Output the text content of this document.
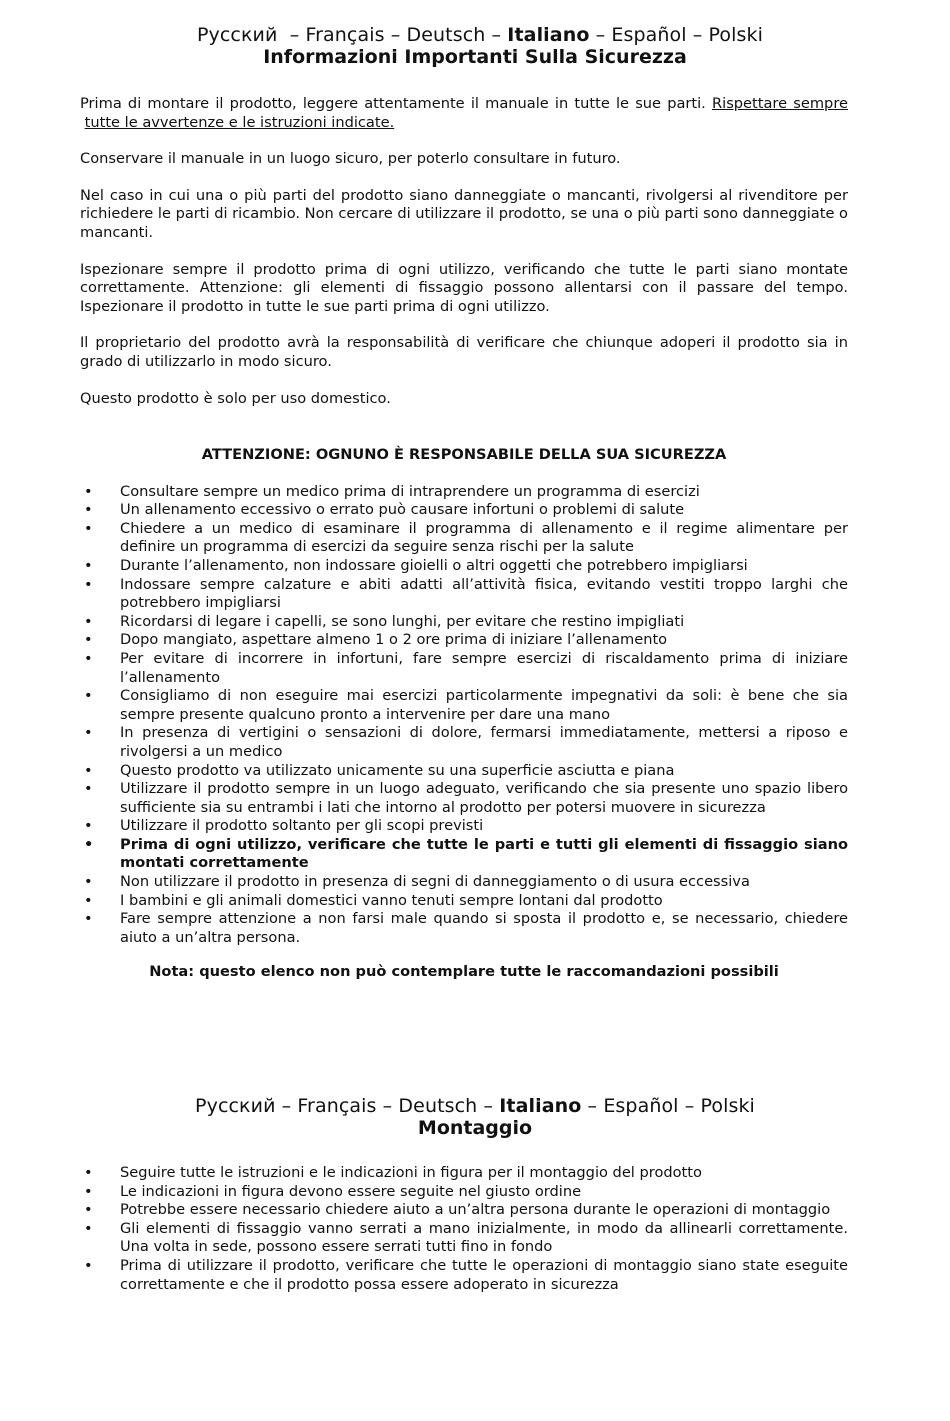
Русский  – Français – Deutsch – Italiano – Español – Polski
Informazioni Importanti Sulla Sicurezza

Prima di montare il prodotto, leggere attentamente il manuale in tutte le sue parti. Rispettare sempre tutte le avvertenze e le istruzioni indicate.

Conservare il manuale in un luogo sicuro, per poterlo consultare in futuro.

Nel caso in cui una o più parti del prodotto siano danneggiate o mancanti, rivolgersi al rivenditore per richiedere le parti di ricambio. Non cercare di utilizzare il prodotto, se una o più parti sono danneggiate o mancanti.

Ispezionare sempre il prodotto prima di ogni utilizzo, verificando che tutte le parti siano montate correttamente. Attenzione: gli elementi di fissaggio possono allentarsi con il passare del tempo. Ispezionare il prodotto in tutte le sue parti prima di ogni utilizzo.

Il proprietario del prodotto avrà la responsabilità di verificare che chiunque adoperi il prodotto sia in grado di utilizzarlo in modo sicuro.

Questo prodotto è solo per uso domestico.

ATTENZIONE: OGNUNO È RESPONSABILE DELLA SUA SICUREZZA

• Consultare sempre un medico prima di intraprendere un programma di esercizi
• Un allenamento eccessivo o errato può causare infortuni o problemi di salute
• Chiedere a un medico di esaminare il programma di allenamento e il regime alimentare per definire un programma di esercizi da seguire senza rischi per la salute
• Durante l’allenamento, non indossare gioielli o altri oggetti che potrebbero impigliarsi
• Indossare sempre calzature e abiti adatti all’attività fisica, evitando vestiti troppo larghi che potrebbero impigliarsi
• Ricordarsi di legare i capelli, se sono lunghi, per evitare che restino impigliati
• Dopo mangiato, aspettare almeno 1 o 2 ore prima di iniziare l’allenamento
• Per evitare di incorrere in infortuni, fare sempre esercizi di riscaldamento prima di iniziare l’allenamento
• Consigliamo di non eseguire mai esercizi particolarmente impegnativi da soli: è bene che sia sempre presente qualcuno pronto a intervenire per dare una mano
• In presenza di vertigini o sensazioni di dolore, fermarsi immediatamente, mettersi a riposo e rivolgersi a un medico
• Questo prodotto va utilizzato unicamente su una superficie asciutta e piana
• Utilizzare il prodotto sempre in un luogo adeguato, verificando che sia presente uno spazio libero sufficiente sia su entrambi i lati che intorno al prodotto per potersi muovere in sicurezza
• Utilizzare il prodotto soltanto per gli scopi previsti
• Prima di ogni utilizzo, verificare che tutte le parti e tutti gli elementi di fissaggio siano montati correttamente
• Non utilizzare il prodotto in presenza di segni di danneggiamento o di usura eccessiva
• I bambini e gli animali domestici vanno tenuti sempre lontani dal prodotto
• Fare sempre attenzione a non farsi male quando si sposta il prodotto e, se necessario, chiedere aiuto a un’altra persona.

Nota: questo elenco non può contemplare tutte le raccomandazioni possibili

Русский – Français – Deutsch – Italiano – Español – Polski
Montaggio
• Seguire tutte le istruzioni e le indicazioni in figura per il montaggio del prodotto
• Le indicazioni in figura devono essere seguite nel giusto ordine
• Potrebbe essere necessario chiedere aiuto a un’altra persona durante le operazioni di montaggio
• Gli elementi di fissaggio vanno serrati a mano inizialmente, in modo da allinearli correttamente. Una volta in sede, possono essere serrati tutti fino in fondo
• Prima di utilizzare il prodotto, verificare che tutte le operazioni di montaggio siano state eseguite correttamente e che il prodotto possa essere adoperato in sicurezza
